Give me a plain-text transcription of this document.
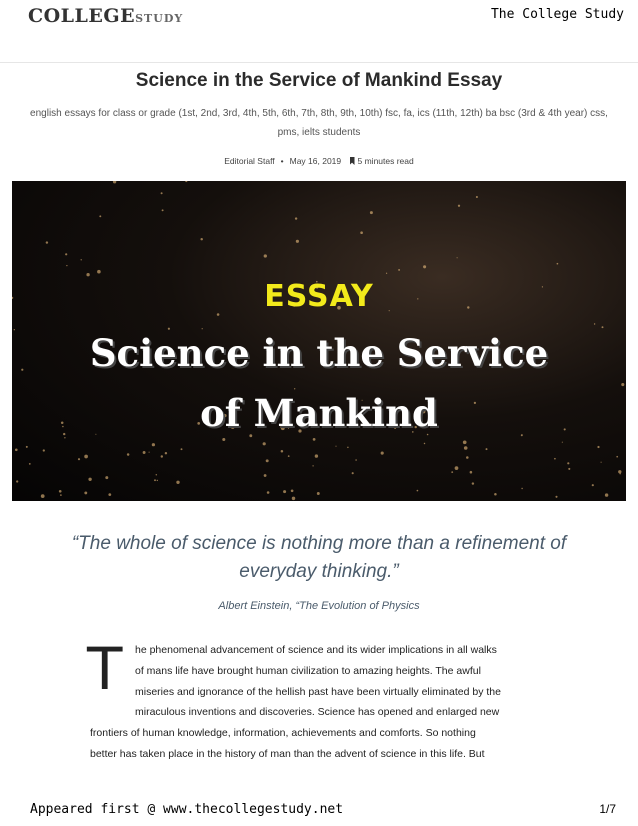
COLLEGESTUDY	The College Study
Science in the Service of Mankind Essay
english essays for class or grade (1st, 2nd, 3rd, 4th, 5th, 6th, 7th, 8th, 9th, 10th) fsc, fa, ics (11th, 12th) ba bsc (3rd & 4th year) css, pms, ielts students
Editorial Staff • May 16, 2019 5 minutes read
ESSAY
Science in the Service
of Mankind
“The whole of science is nothing more than a refinement of everyday thinking.”
Albert Einstein, “The Evolution of Physics
T he phenomenal advancement of science and its wider implications in all walks
of mans life have brought human civilization to amazing heights. The awful
miseries and ignorance of the hellish past have been virtually eliminated by the
miraculous inventions and discoveries. Science has opened and enlarged new
frontiers of human knowledge, information, achievements and comforts. So nothing
better has taken place in the history of man than the advent of science in this life. But
Appeared first @ www.thecollegestudy.net	1/7
